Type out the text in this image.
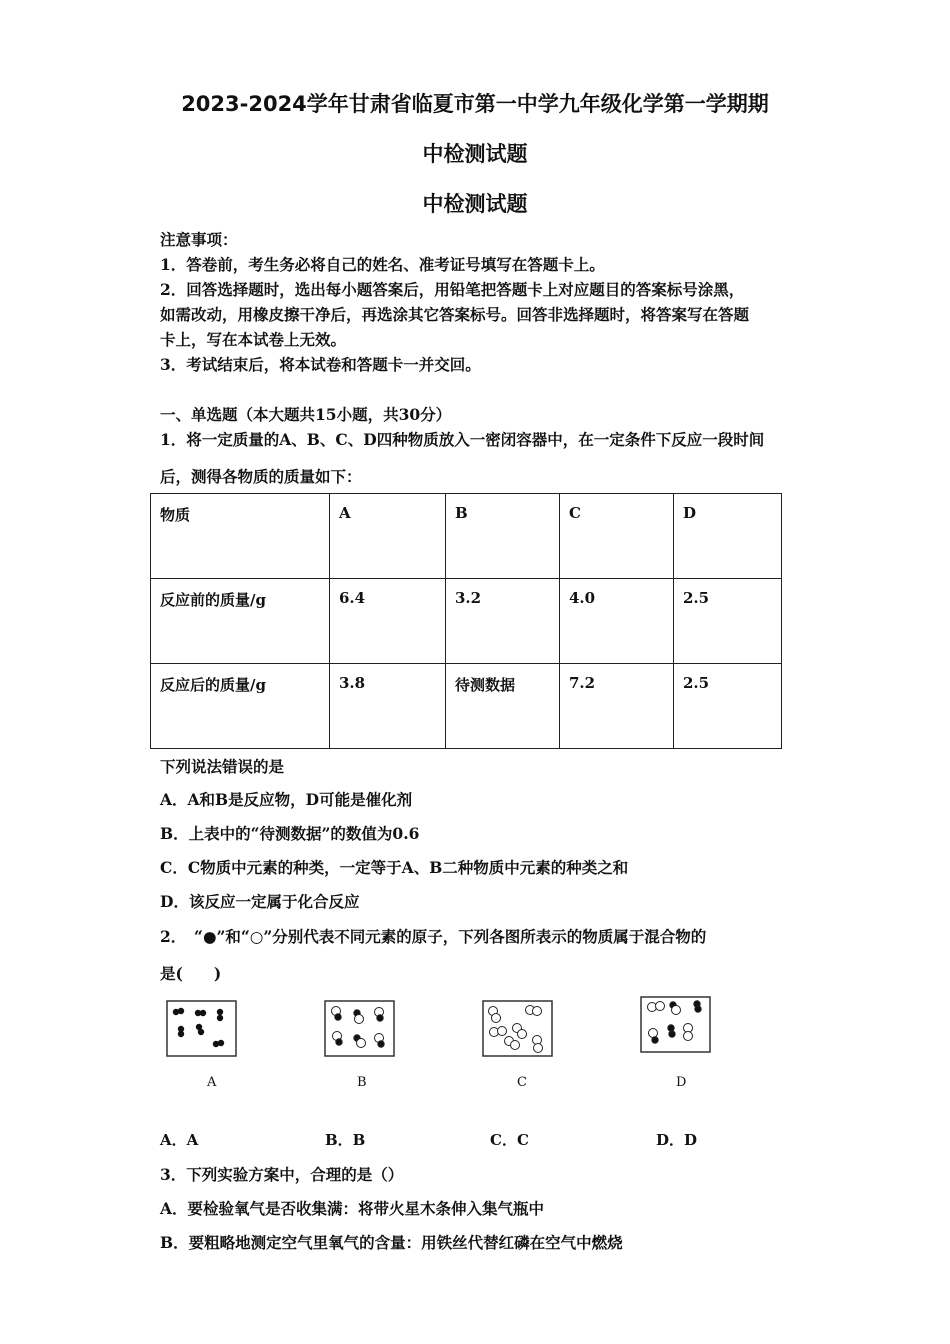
2023-2024学年甘肃省临夏市第一中学九年级化学第一学期期
中检测试题
中检测试题
注意事项：
1．答卷前，考生务必将自己的姓名、准考证号填写在答题卡上。
2．回答选择题时，选出每小题答案后，用铅笔把答题卡上对应题目的答案标号涂黑，
如需改动，用橡皮擦干净后，再选涂其它答案标号。回答非选择题时，将答案写在答题
卡上，写在本试卷上无效。
3．考试结束后，将本试卷和答题卡一并交回。
一、单选题（本大题共15小题，共30分）
1．将一定质量的A、B、C、D四种物质放入一密闭容器中，在一定条件下反应一段时间
后，测得各物质的质量如下：
物质	A	B	C	D
反应前的质量/g	6.4	3.2	4.0	2.5
反应后的质量/g	3.8	待测数据	7.2	2.5
下列说法错误的是
A．A和B是反应物，D可能是催化剂
B．上表中的“待测数据”的数值为0.6
C．C物质中元素的种类，一定等于A、B二种物质中元素的种类之和
D．该反应一定属于化合反应
2．　“●”和“○”分别代表不同元素的原子，下列各图所表示的物质属于混合物的
是(　　)
A	B	C	D
A．A	B．B	C．C	D．D
3．下列实验方案中，合理的是（）
A．要检验氧气是否收集满：将带火星木条伸入集气瓶中
B．要粗略地测定空气里氧气的含量：用铁丝代替红磷在空气中燃烧
